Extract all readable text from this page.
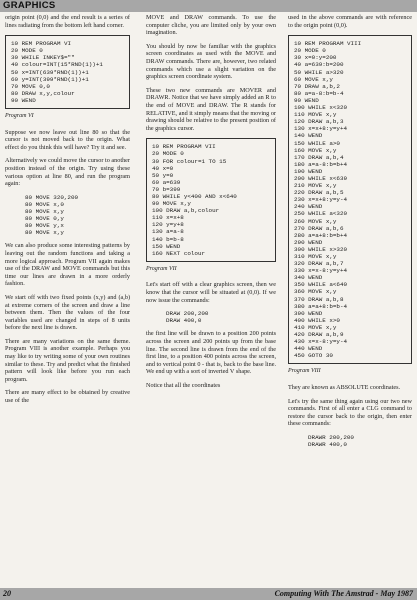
GRAPHICS

origin point (0,0) and the end result is a series of lines radiating from the bottom left hand corner.

10 REM PROGRAM VI
20 MODE 0
30 WHILE INKEY$=""
40 colour=INT(15*RND(1))+1
50 x=INT(639*RND(1))+1
60 y=INT(399*RND(1))+1
70 MOVE 0,0
80 DRAW x,y,colour
90 WEND
Program VI

Suppose we now leave out line 80 so that the cursor is not moved back to the origin. What effect do you think this will have? Try it and see.

Alternatively we could move the cursor to another position instead of the origin. Try using these various option at line 80, and run the program again:

80 MOVE 320,200
80 MOVE x,0
80 MOVE x,y
80 MOVE 0,y
80 MOVE y,x
80 MOVE x,y

We can also produce some interesting patterns by leaving out the random functions and taking a more logical approach. Program VII again makes use of the DRAW and MOVE commands but this time our lines are drawn in a more orderly fashion.

We start off with two fixed points (x,y) and (a,b) at extreme corners of the screen and draw a line between them. Then the values of the four variables used are changed in steps of 8 units before the next line is drawn.

There are many variations on the same theme. Program VIII is another example. Perhaps you may like to try writing some of your own routines similar to these. Try and predict what the finished pattern will look like before you run each program.

There are many effect to be obtained by creative use of the

MOVE and DRAW commands. To use the computer cliche, you are limited only by your own imagination.

You should by now be familiar with the graphics screen coordinates as used with the MOVE and DRAW commands. There are, however, two related commands which use a slight variation on the graphics screen coordinate system.

These two new commands are MOVER and DRAWR. Notice that we have simply added an R to the end of MOVE and DRAW. The R stands for RELATIVE, and it simply means that the moving or drawing should be relative to the present position of the graphics cursor.

10 REM PROGRAM VII
20 MODE 0
30 FOR colour=1 TO 15
40 x=0
50 y=0
60 a=639
70 b=399
80 WHILE y<400 AND x<640
90 MOVE x,y
100 DRAW a,b,colour
110 x=x+8
120 y=y+8
130 a=a-8
140 b=b-8
150 WEND
160 NEXT colour
Program VII

Let's start off with a clear graphics screen, then we know that the cursor will be situated at (0,0). If we now issue the commands:

DRAW 200,200
DRAW 400,0

the first line will be drawn to a position 200 points across the screen and 200 points up from the base line. The second line is drawn from the end of the first line, to a position 400 points across the screen, and to vertical point 0 - that is, back to the base line. We end up with a sort of inverted V shape.

Notice that all the coordinates

used in the above commands are with reference to the origin point (0,0).

10 REM PROGRAM VIII
20 MODE 0
30 x=0:y=200
40 a=639:b=200
50 WHILE a>320
60 MOVE x,y
70 DRAW a,b,2
80 a=a-8:b=b-4
90 WEND
100 WHILE x<320
110 MOVE x,y
120 DRAW a,b,3
130 x=x+8:y=y+4
140 WEND
150 WHILE a>0
160 MOVE x,y
170 DRAW a,b,4
180 a=a-8:b=b+4
190 WEND
200 WHILE x<639
210 MOVE x,y
220 DRAW a,b,5
230 x=x+8:y=y-4
240 WEND
250 WHILE a<320
260 MOVE x,y
270 DRAW a,b,6
280 a=a+8:b=b+4
290 WEND
300 WHILE x>320
310 MOVE x,y
320 DRAW a,b,7
330 x=x-8:y=y+4
340 WEND
350 WHILE a<640
360 MOVE x,y
370 DRAW a,b,8
380 a=a+8:b=b-4
390 WEND
400 WHILE x>0
410 MOVE x,y
420 DRAW a,b,9
430 x=x-8:y=y-4
440 WEND
450 GOTO 30
Program VIII

They are known as ABSOLUTE coordinates.

Let's try the same thing again using our two new commands. First of all enter a CLG command to restore the cursor back to the origin, then enter these commands:

DRAWR 200,200
DRAWR 400,0
20	Computing With The Amstrad - May 1987
